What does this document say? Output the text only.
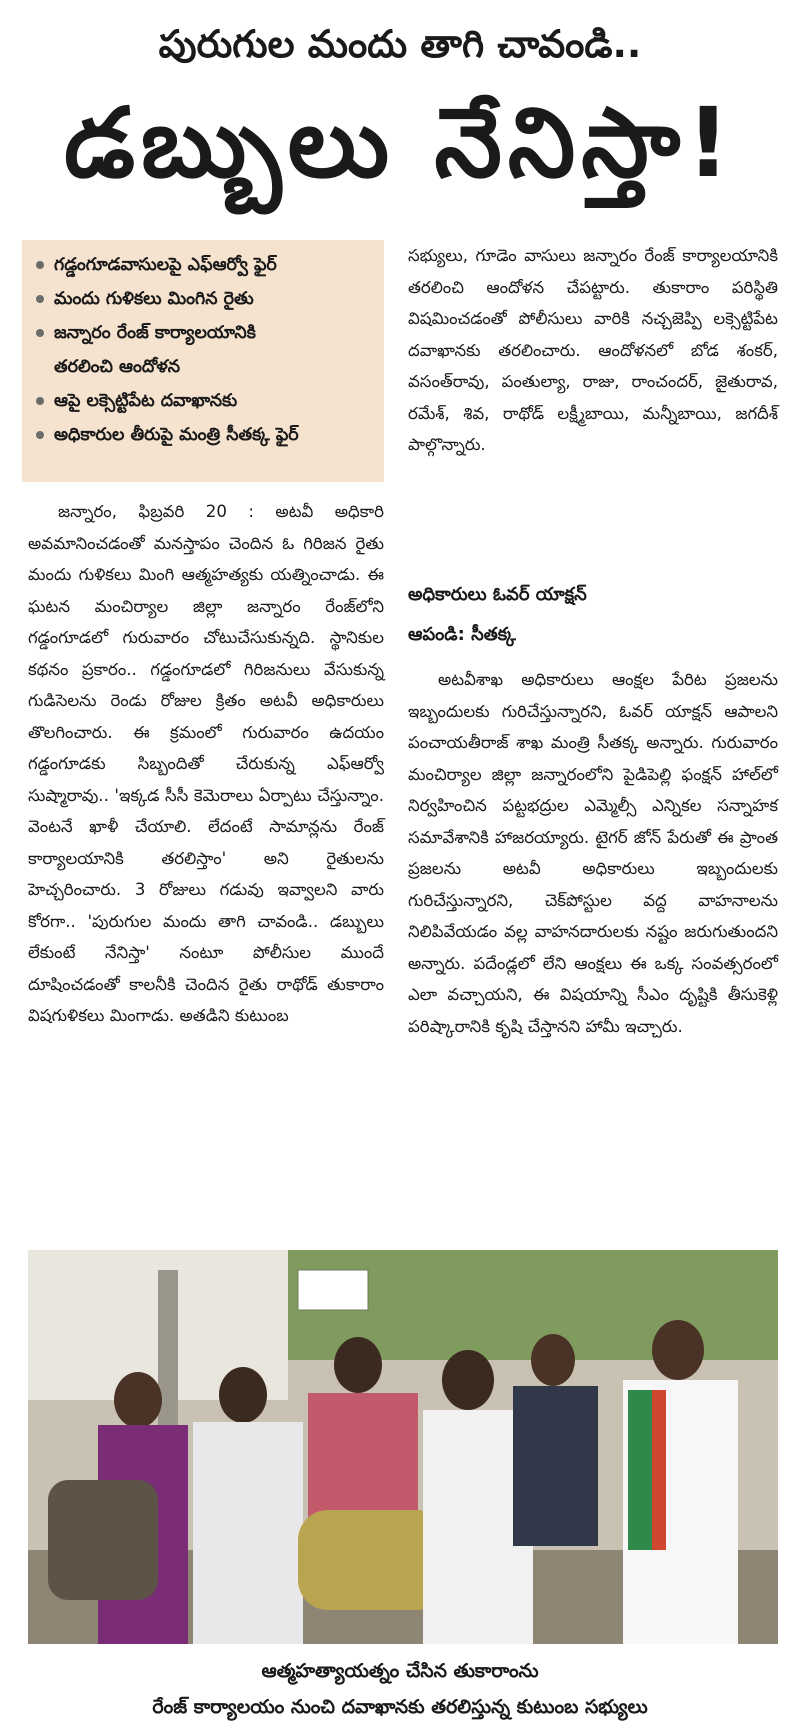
పురుగుల మందు తాగి చావండి..
డబ్బులు నేనిస్తా!
గడ్డంగూడవాసులపై ఎఫ్‌ఆర్వో ఫైర్
మందు గుళికలు మింగిన రైతు
జన్నారం రేంజ్ కార్యాలయానికి
తరలించి ఆందోళన
ఆపై లక్సెట్టిపేట దవాఖానకు
అధికారుల తీరుపై మంత్రి సీతక్క ఫైర్
జన్నారం, ఫిబ్రవరి 20 : అటవీ అధికారి అవమానించడంతో మనస్తాపం చెందిన ఓ గిరిజన రైతు మందు గుళికలు మింగి ఆత్మహత్యకు యత్నించాడు. ఈ ఘటన మంచిర్యాల జిల్లా జన్నారం రేంజ్‌లోని గడ్డంగూడలో గురువారం చోటుచేసుకున్నది. స్థానికుల కథనం ప్రకారం.. గడ్డంగూడలో గిరిజనులు వేసుకున్న గుడిసెలను రెండు రోజుల క్రితం అటవీ అధికారులు తొలగించారు. ఈ క్రమంలో గురువారం ఉదయం గడ్డంగూడకు సిబ్బందితో చేరుకున్న ఎఫ్‌ఆర్వో సుష్మారావు.. 'ఇక్కడ సీసీ కెమెరాలు ఏర్పాటు చేస్తున్నాం. వెంటనే ఖాళీ చేయాలి. లేదంటే సామాన్లను రేంజ్ కార్యాలయానికి తరలిస్తాం' అని రైతులను హెచ్చరించారు. 3 రోజులు గడువు ఇవ్వాలని వారు కోరగా.. 'పురుగుల మందు తాగి చావండి.. డబ్బులు లేకుంటే నేనిస్తా' నంటూ పోలీసుల ముందే దూషించడంతో కాలనీకి చెందిన రైతు రాథోడ్ తుకారాం విషగుళికలు మింగాడు. అతడిని కుటుంబ
సభ్యులు, గూడెం వాసులు జన్నారం రేంజ్ కార్యాలయానికి తరలించి ఆందోళన చేపట్టారు. తుకారాం పరిస్థితి విషమించడంతో పోలీసులు వారికి నచ్చజెప్పి లక్సెట్టిపేట దవాఖానకు తరలించారు. ఆందోళనలో బోడ శంకర్, వసంత్‌రావు, పంతుల్యా, రాజు, రాంచందర్, జైతురావ, రమేశ్, శివ, రాథోడ్ లక్ష్మీబాయి, మన్నీబాయి, జగదీశ్ పాల్గొన్నారు.
అధికారులు ఓవర్ యాక్షన్
ఆపండి: సీతక్క
అటవీశాఖ అధికారులు ఆంక్షల పేరిట ప్రజలను ఇబ్బందులకు గురిచేస్తున్నారని, ఓవర్ యాక్షన్ ఆపాలని పంచాయతీరాజ్ శాఖ మంత్రి సీతక్క అన్నారు. గురువారం మంచిర్యాల జిల్లా జన్నారంలోని పైడిపెల్లి ఫంక్షన్ హాల్‌లో నిర్వహించిన పట్టభద్రుల ఎమ్మెల్సీ ఎన్నికల సన్నాహక సమావేశానికి హాజరయ్యారు. టైగర్ జోన్ పేరుతో ఈ ప్రాంత ప్రజలను అటవీ అధికారులు ఇబ్బందులకు గురిచేస్తున్నారని, చెక్‌పోస్టుల వద్ద వాహనాలను నిలిపివేయడం వల్ల వాహనదారులకు నష్టం జరుగుతుందని అన్నారు. పదేండ్లలో లేని ఆంక్షలు ఈ ఒక్క సంవత్సరంలో ఎలా వచ్చాయని, ఈ విషయాన్ని సీఎం దృష్టికి తీసుకెళ్లి పరిష్కారానికి కృషి చేస్తానని హామీ ఇచ్చారు.
ఆత్మహత్యాయత్నం చేసిన తుకారాంను
రేంజ్ కార్యాలయం నుంచి దవాఖానకు తరలిస్తున్న కుటుంబ సభ్యులు
